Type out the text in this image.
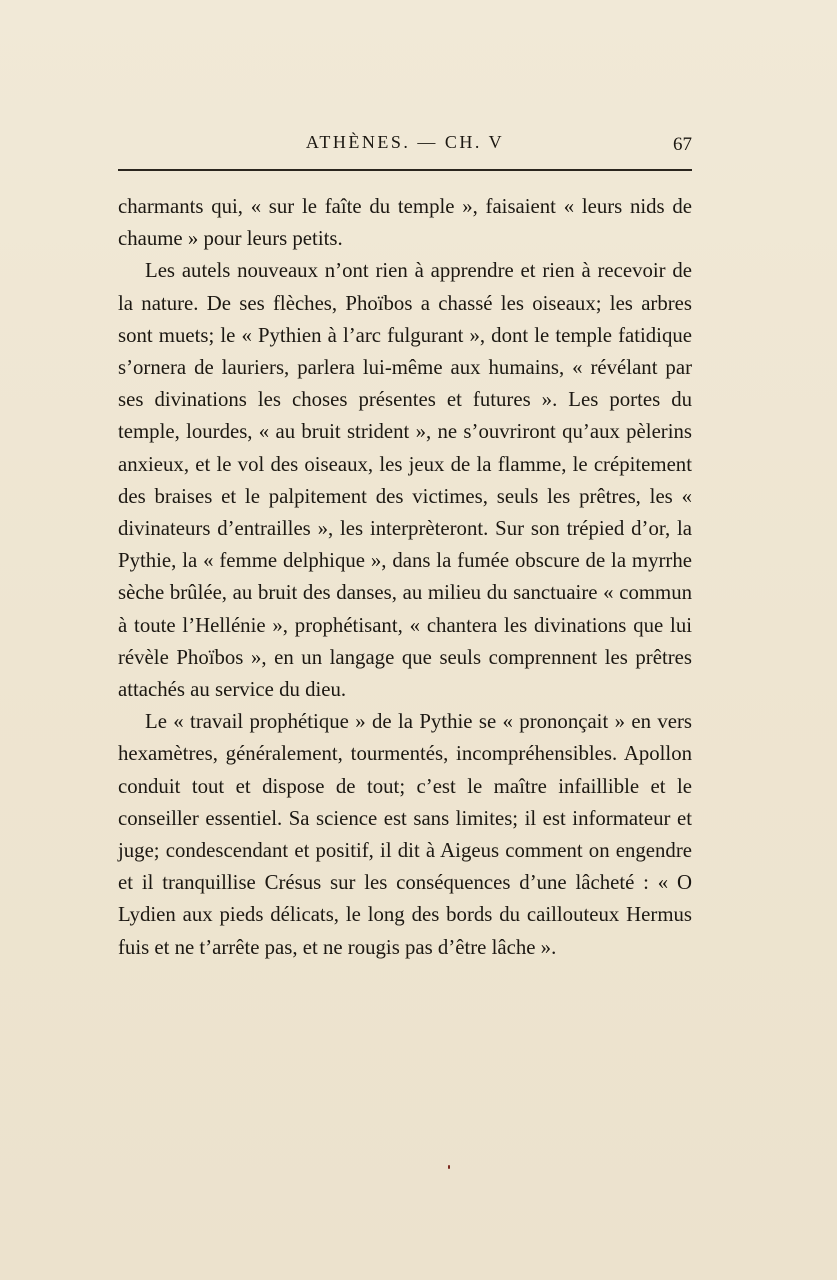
ATHÈNES. — CH. V	67

charmants qui, « sur le faîte du temple », faisaient « leurs nids de chaume » pour leurs petits.

Les autels nouveaux n’ont rien à apprendre et rien à recevoir de la nature. De ses flèches, Phoïbos a chassé les oiseaux; les arbres sont muets; le « Pythien à l’arc fulgurant », dont le temple fatidique s’ornera de lauriers, parlera lui-même aux humains, « révélant par ses divinations les choses présentes et futures ». Les portes du temple, lourdes, « au bruit strident », ne s’ouvriront qu’aux pèlerins anxieux, et le vol des oiseaux, les jeux de la flamme, le crépitement des braises et le palpitement des victimes, seuls les prêtres, les « divinateurs d’entrailles », les interprèteront. Sur son trépied d’or, la Pythie, la « femme delphique », dans la fumée obscure de la myrrhe sèche brûlée, au bruit des danses, au milieu du sanctuaire « commun à toute l’Hellénie », prophétisant, « chantera les divinations que lui révèle Phoïbos », en un langage que seuls comprennent les prêtres attachés au service du dieu.

Le « travail prophétique » de la Pythie se « prononçait » en vers hexamètres, généralement, tourmentés, incompréhensibles. Apollon conduit tout et dispose de tout; c’est le maître infaillible et le conseiller essentiel. Sa science est sans limites; il est informateur et juge; condescendant et positif, il dit à Aigeus comment on engendre et il tranquillise Crésus sur les conséquences d’une lâcheté : « O Lydien aux pieds délicats, le long des bords du caillouteux Hermus fuis et ne t’arrête pas, et ne rougis pas d’être lâche ».
